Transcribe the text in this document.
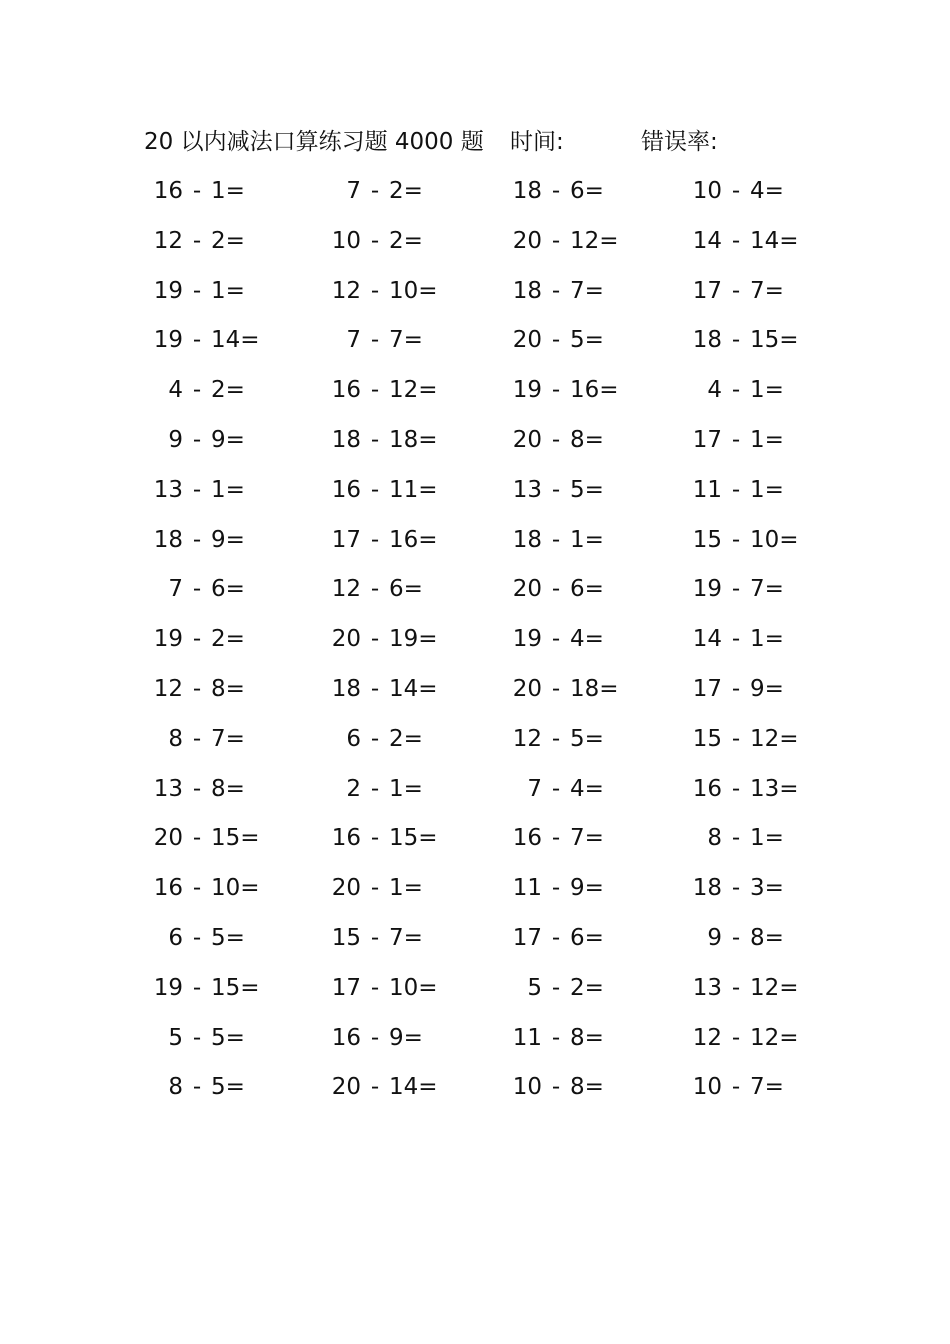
20 以内减法口算练习题 4000 题 时间:	错误率:
16 - 1=	7 - 2=	18 - 6=	10 - 4=
12 - 2=	10 - 2=	20 - 12=	14 - 14=
19 - 1=	12 - 10=	18 - 7=	17 - 7=
19 - 14=	7 - 7=	20 - 5=	18 - 15=
4 - 2=	16 - 12=	19 - 16=	4 - 1=
9 - 9=	18 - 18=	20 - 8=	17 - 1=
13 - 1=	16 - 11=	13 - 5=	11 - 1=
18 - 9=	17 - 16=	18 - 1=	15 - 10=
7 - 6=	12 - 6=	20 - 6=	19 - 7=
19 - 2=	20 - 19=	19 - 4=	14 - 1=
12 - 8=	18 - 14=	20 - 18=	17 - 9=
8 - 7=	6 - 2=	12 - 5=	15 - 12=
13 - 8=	2 - 1=	7 - 4=	16 - 13=
20 - 15=	16 - 15=	16 - 7=	8 - 1=
16 - 10=	20 - 1=	11 - 9=	18 - 3=
6 - 5=	15 - 7=	17 - 6=	9 - 8=
19 - 15=	17 - 10=	5 - 2=	13 - 12=
5 - 5=	16 - 9=	11 - 8=	12 - 12=
8 - 5=	20 - 14=	10 - 8=	10 - 7=
